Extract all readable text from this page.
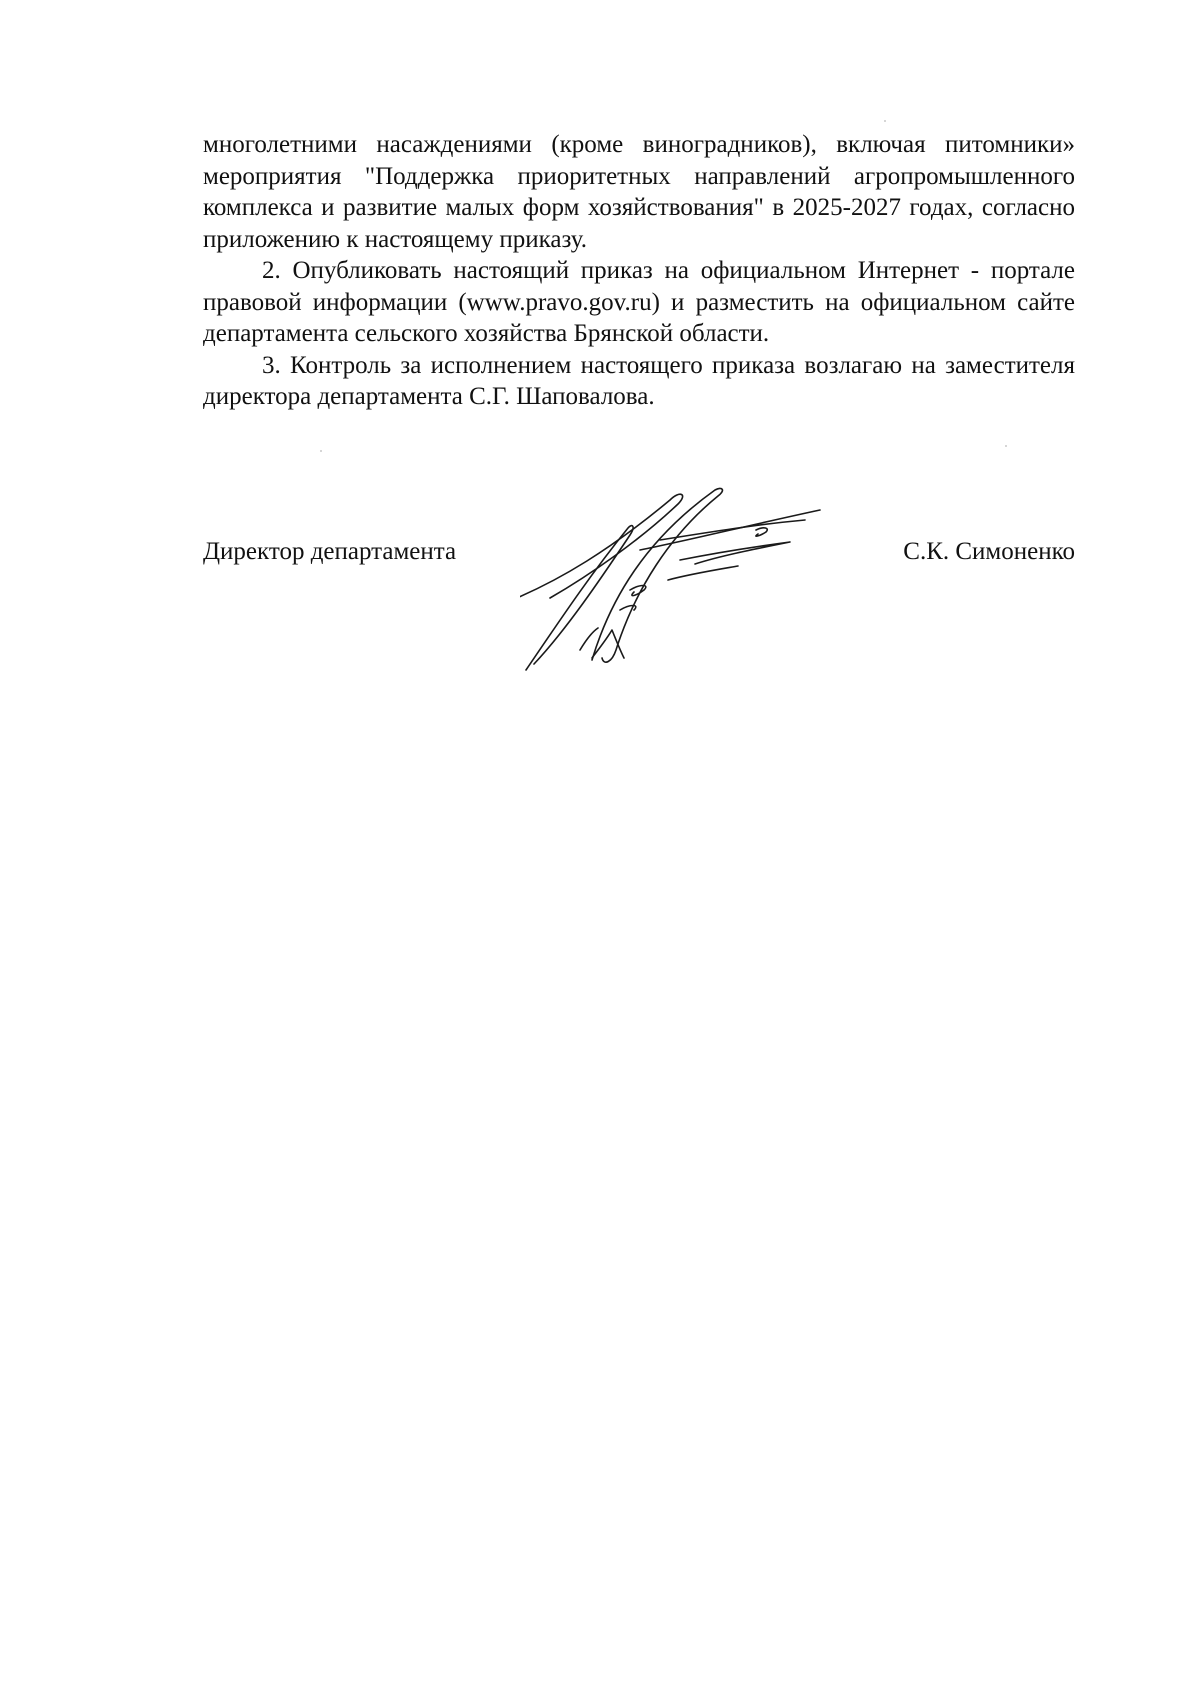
многолетними насаждениями (кроме виноградников), включая питомники» мероприятия "Поддержка приоритетных направлений агропромышленного комплекса и развитие малых форм хозяйствования" в 2025-2027 годах, согласно приложению к настоящему приказу.

2. Опубликовать настоящий приказ на официальном Интернет - портале правовой информации (www.pravo.gov.ru) и разместить на официальном сайте департамента сельского хозяйства Брянской области.

3. Контроль за исполнением настоящего приказа возлагаю на заместителя директора департамента С.Г. Шаповалова.

Директор департамента	С.К. Симоненко
